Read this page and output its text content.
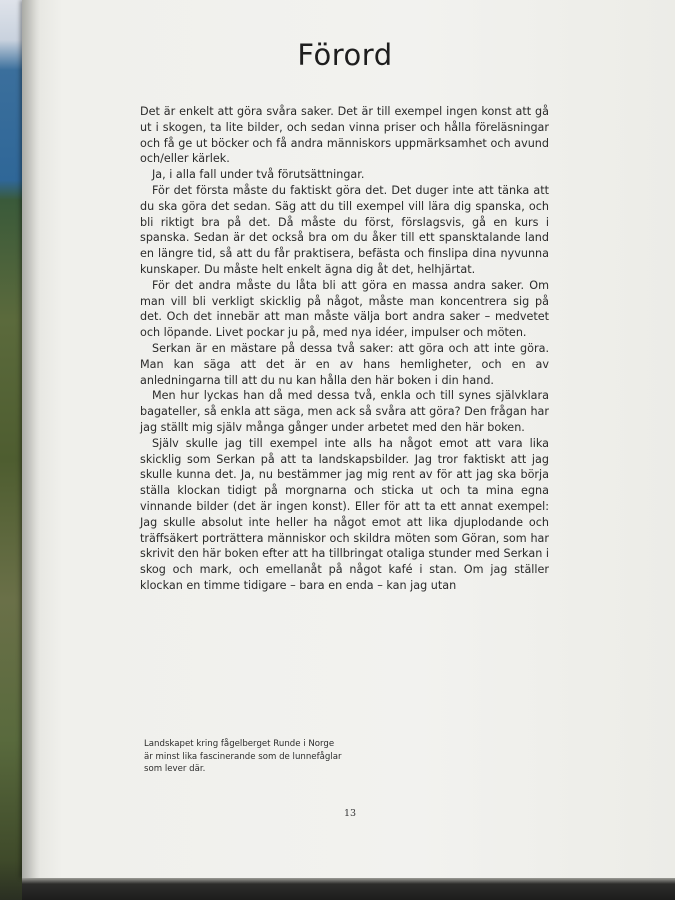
Förord

Det är enkelt att göra svåra saker. Det är till exempel ingen konst att gå ut i skogen, ta lite bilder, och sedan vinna priser och hålla föreläsningar och få ge ut böcker och få andra människors uppmärksamhet och avund och/eller kärlek.

Ja, i alla fall under två förutsättningar.

För det första måste du faktiskt göra det. Det duger inte att tänka att du ska göra det sedan. Säg att du till exempel vill lära dig spanska, och bli riktigt bra på det. Då måste du först, förslagsvis, gå en kurs i spanska. Sedan är det också bra om du åker till ett spansktalande land en längre tid, så att du får praktisera, befästa och finslipa dina nyvunna kunskaper. Du måste helt enkelt ägna dig åt det, helhjärtat.

För det andra måste du låta bli att göra en massa andra saker. Om man vill bli verkligt skicklig på något, måste man koncentrera sig på det. Och det innebär att man måste välja bort andra saker – medvetet och löpande. Livet pockar ju på, med nya idéer, impulser och möten.

Serkan är en mästare på dessa två saker: att göra och att inte göra. Man kan säga att det är en av hans hemligheter, och en av anledningarna till att du nu kan hålla den här boken i din hand.

Men hur lyckas han då med dessa två, enkla och till synes självklara bagateller, så enkla att säga, men ack så svåra att göra? Den frågan har jag ställt mig själv många gånger under arbetet med den här boken.

Själv skulle jag till exempel inte alls ha något emot att vara lika skicklig som Serkan på att ta landskapsbilder. Jag tror faktiskt att jag skulle kunna det. Ja, nu bestämmer jag mig rent av för att jag ska börja ställa klockan tidigt på morgnarna och sticka ut och ta mina egna vinnande bilder (det är ingen konst). Eller för att ta ett annat exempel: Jag skulle absolut inte heller ha något emot att lika djuplodande och träffsäkert porträttera människor och skildra möten som Göran, som har skrivit den här boken efter att ha tillbringat otaliga stunder med Serkan i skog och mark, och emellanåt på något kafé i stan. Om jag ställer klockan en timme tidigare – bara en enda – kan jag utan

Landskapet kring fågelberget Runde i Norge
är minst lika fascinerande som de lunnefåglar
som lever där.
13
